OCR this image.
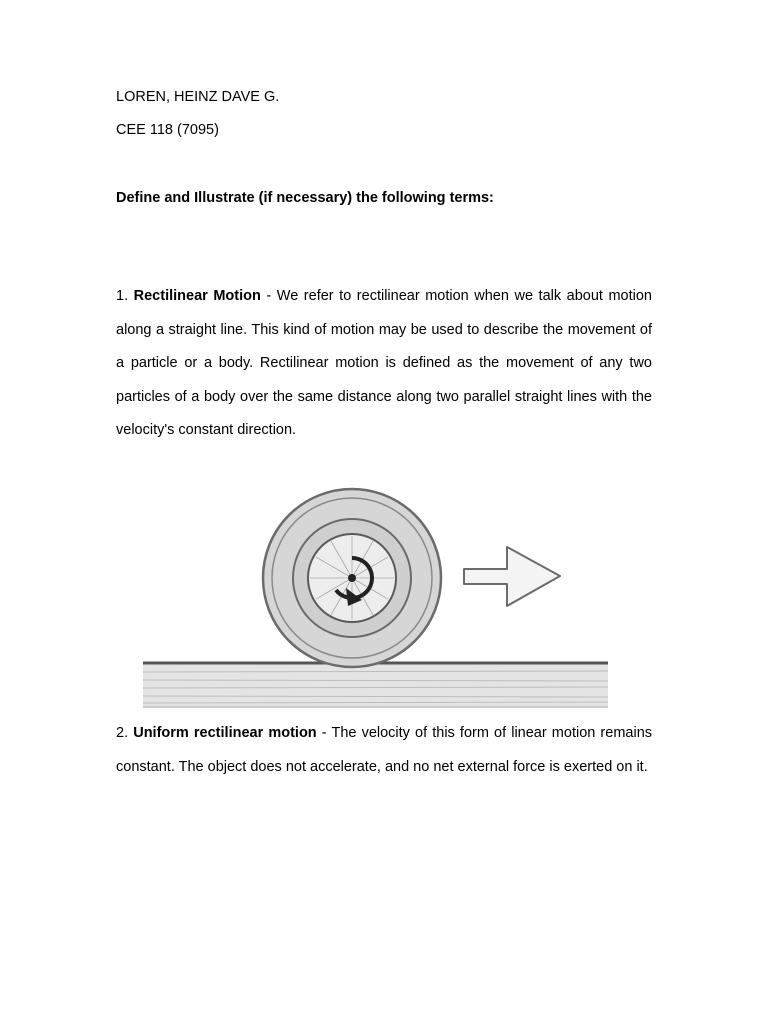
LOREN, HEINZ DAVE G.
CEE 118 (7095)
Define and Illustrate (if necessary) the following terms:

1. Rectilinear Motion - We refer to rectilinear motion when we talk about motion along a straight line. This kind of motion may be used to describe the movement of a particle or a body. Rectilinear motion is defined as the movement of any two particles of a body over the same distance along two parallel straight lines with the velocity's constant direction.

2. Uniform rectilinear motion - The velocity of this form of linear motion remains constant. The object does not accelerate, and no net external force is exerted on it.
